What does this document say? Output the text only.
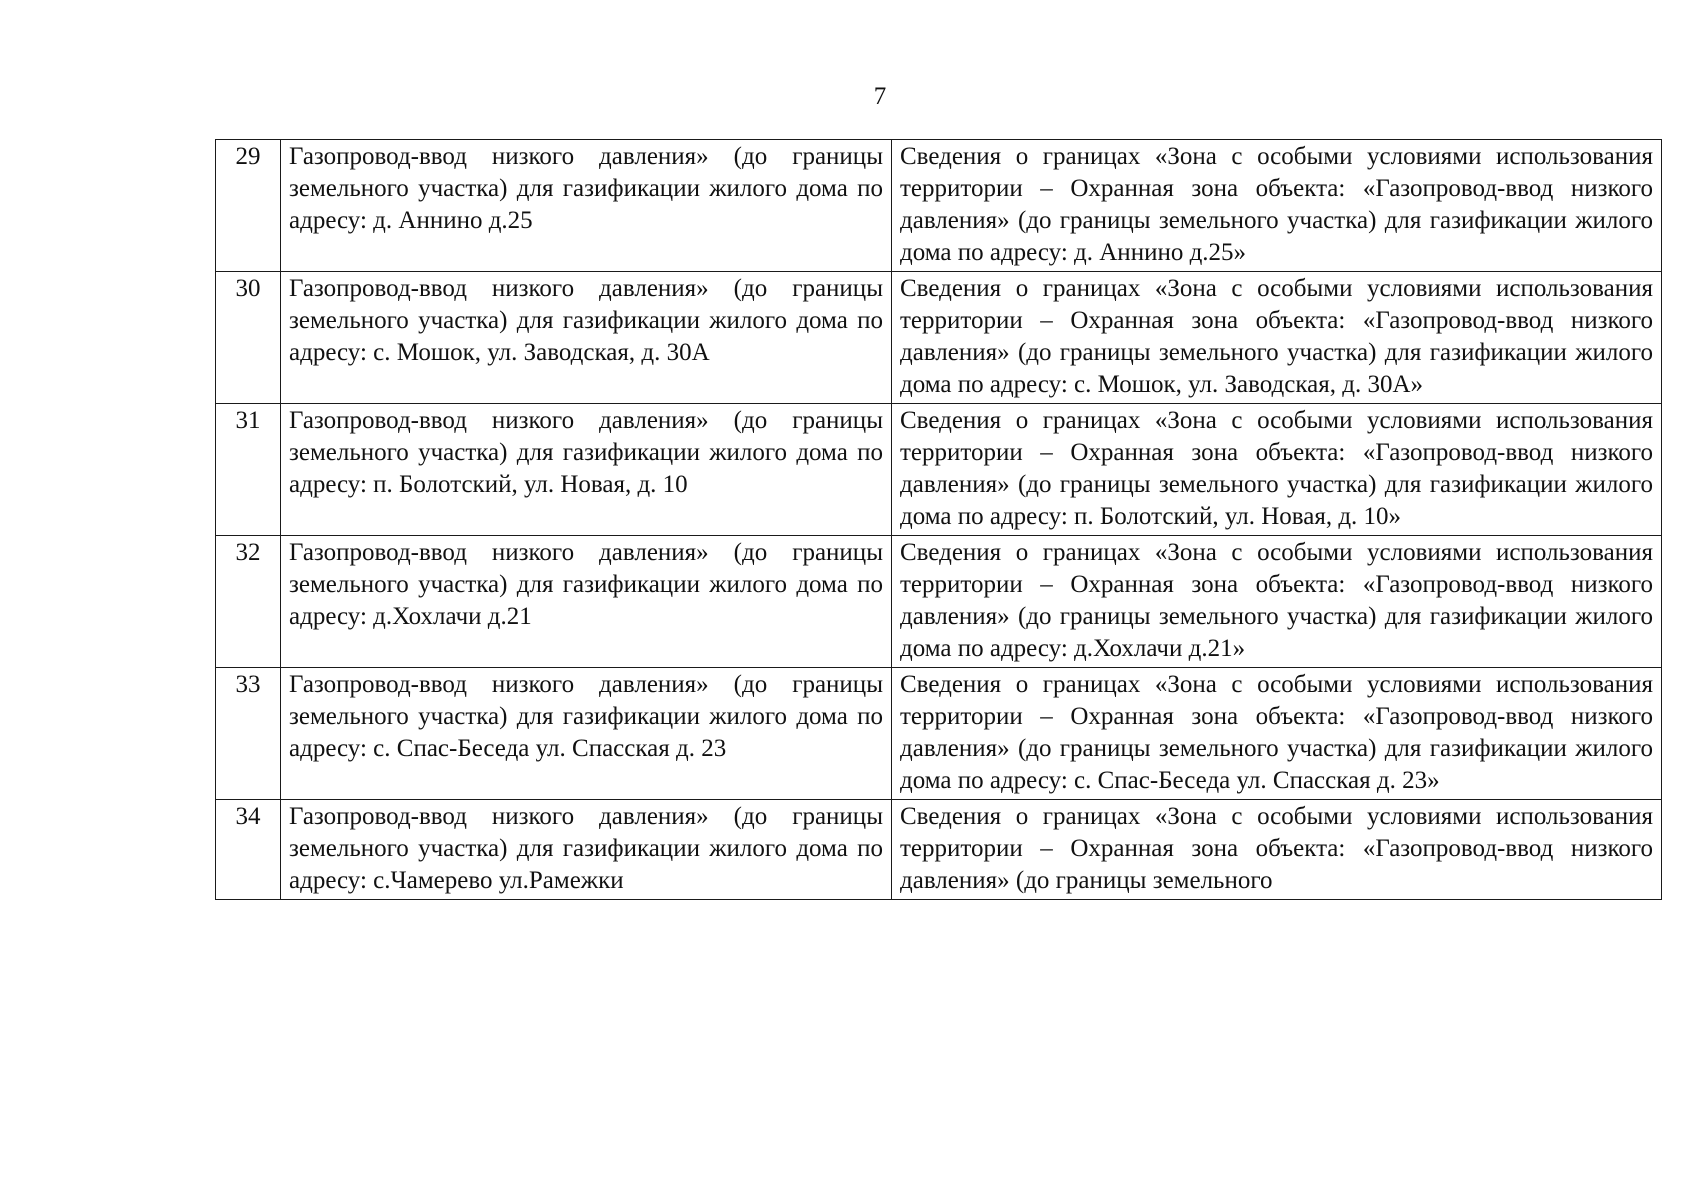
7
29	Газопровод-ввод низкого давления» (до границы земельного участка) для газификации жилого дома по адресу: д. Аннино д.25	Сведения о границах «Зона с особыми условиями использования территории – Охранная зона объекта: «Газопровод-ввод низкого давления» (до границы земельного участка) для газификации жилого дома по адресу: д. Аннино д.25»
30	Газопровод-ввод низкого давления» (до границы земельного участка) для газификации жилого дома по адресу: с. Мошок, ул. Заводская, д. 30А	Сведения о границах «Зона с особыми условиями использования территории – Охранная зона объекта: «Газопровод-ввод низкого давления» (до границы земельного участка) для газификации жилого дома по адресу: с. Мошок, ул. Заводская, д. 30А»
31	Газопровод-ввод низкого давления» (до границы земельного участка) для газификации жилого дома по адресу: п. Болотский, ул. Новая, д. 10	Сведения о границах «Зона с особыми условиями использования территории – Охранная зона объекта: «Газопровод-ввод низкого давления» (до границы земельного участка) для газификации жилого дома по адресу: п. Болотский, ул. Новая, д. 10»
32	Газопровод-ввод низкого давления» (до границы земельного участка) для газификации жилого дома по адресу: д.Хохлачи д.21	Сведения о границах «Зона с особыми условиями использования территории – Охранная зона объекта: «Газопровод-ввод низкого давления» (до границы земельного участка) для газификации жилого дома по адресу: д.Хохлачи д.21»
33	Газопровод-ввод низкого давления» (до границы земельного участка) для газификации жилого дома по адресу: с. Спас-Беседа ул. Спасская д. 23	Сведения о границах «Зона с особыми условиями использования территории – Охранная зона объекта: «Газопровод-ввод низкого давления» (до границы земельного участка) для газификации жилого дома по адресу: с. Спас-Беседа ул. Спасская д. 23»
34	Газопровод-ввод низкого давления» (до границы земельного участка) для газификации жилого дома по адресу: с.Чамерево ул.Рамежки	Сведения о границах «Зона с особыми условиями использования территории – Охранная зона объекта: «Газопровод-ввод низкого давления» (до границы земельного
